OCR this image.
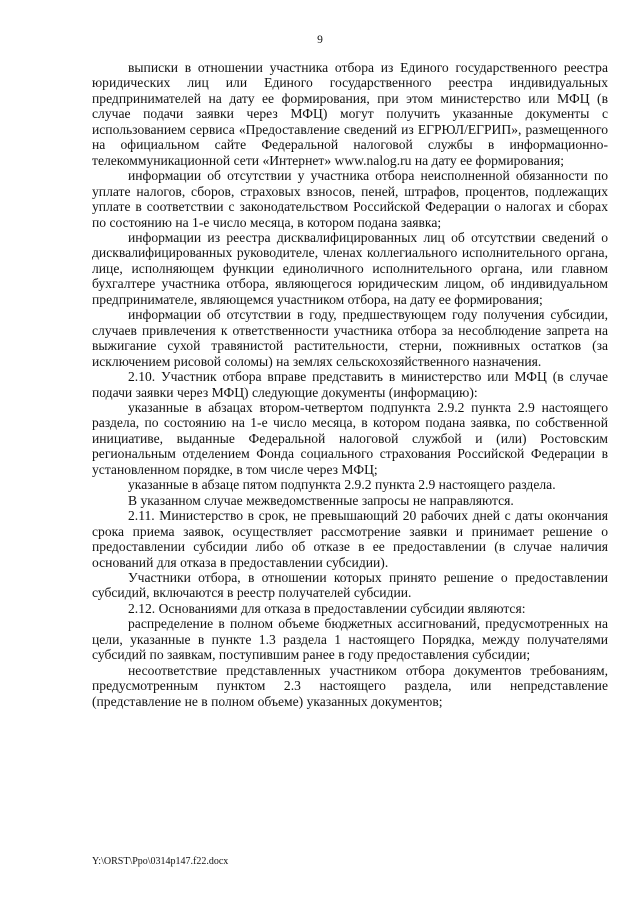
9

выписки в отношении участника отбора из Единого государственного реестра юридических лиц или Единого государственного реестра индивидуальных предпринимателей на дату ее формирования, при этом министерство или МФЦ (в случае подачи заявки через МФЦ) могут получить указанные документы с использованием сервиса «Предоставление сведений из ЕГРЮЛ/ЕГРИП», размещенного на официальном сайте Федеральной налоговой службы в информационно-телекоммуникационной сети «Интернет» www.nalog.ru на дату ее формирования;

информации об отсутствии у участника отбора неисполненной обязанности по уплате налогов, сборов, страховых взносов, пеней, штрафов, процентов, подлежащих уплате в соответствии с законодательством Российской Федерации о налогах и сборах по состоянию на 1-е число месяца, в котором подана заявка;

информации из реестра дисквалифицированных лиц об отсутствии сведений о дисквалифицированных руководителе, членах коллегиального исполнительного органа, лице, исполняющем функции единоличного исполнительного органа, или главном бухгалтере участника отбора, являющегося юридическим лицом, об индивидуальном предпринимателе, являющемся участником отбора, на дату ее формирования;

информации об отсутствии в году, предшествующем году получения субсидии, случаев привлечения к ответственности участника отбора за несоблюдение запрета на выжигание сухой травянистой растительности, стерни, пожнивных остатков (за исключением рисовой соломы) на землях сельскохозяйственного назначения.

2.10. Участник отбора вправе представить в министерство или МФЦ (в случае подачи заявки через МФЦ) следующие документы (информацию):

указанные в абзацах втором-четвертом подпункта 2.9.2 пункта 2.9 настоящего раздела, по состоянию на 1-е число месяца, в котором подана заявка, по собственной инициативе, выданные Федеральной налоговой службой и (или) Ростовским региональным отделением Фонда социального страхования Российской Федерации в установленном порядке, в том числе через МФЦ;

указанные в абзаце пятом подпункта 2.9.2 пункта 2.9 настоящего раздела.

В указанном случае межведомственные запросы не направляются.

2.11. Министерство в срок, не превышающий 20 рабочих дней с даты окончания срока приема заявок, осуществляет рассмотрение заявки и принимает решение о предоставлении субсидии либо об отказе в ее предоставлении (в случае наличия оснований для отказа в предоставлении субсидии).

Участники отбора, в отношении которых принято решение о предоставлении субсидий, включаются в реестр получателей субсидии.

2.12. Основаниями для отказа в предоставлении субсидии являются:

распределение в полном объеме бюджетных ассигнований, предусмотренных на цели, указанные в пункте 1.3 раздела 1 настоящего Порядка, между получателями субсидий по заявкам, поступившим ранее в году предоставления субсидии;

несоответствие представленных участником отбора документов требованиям, предусмотренным пунктом 2.3 настоящего раздела, или непредставление (представление не в полном объеме) указанных документов;

Y:\ORST\Ppo\0314p147.f22.docx
